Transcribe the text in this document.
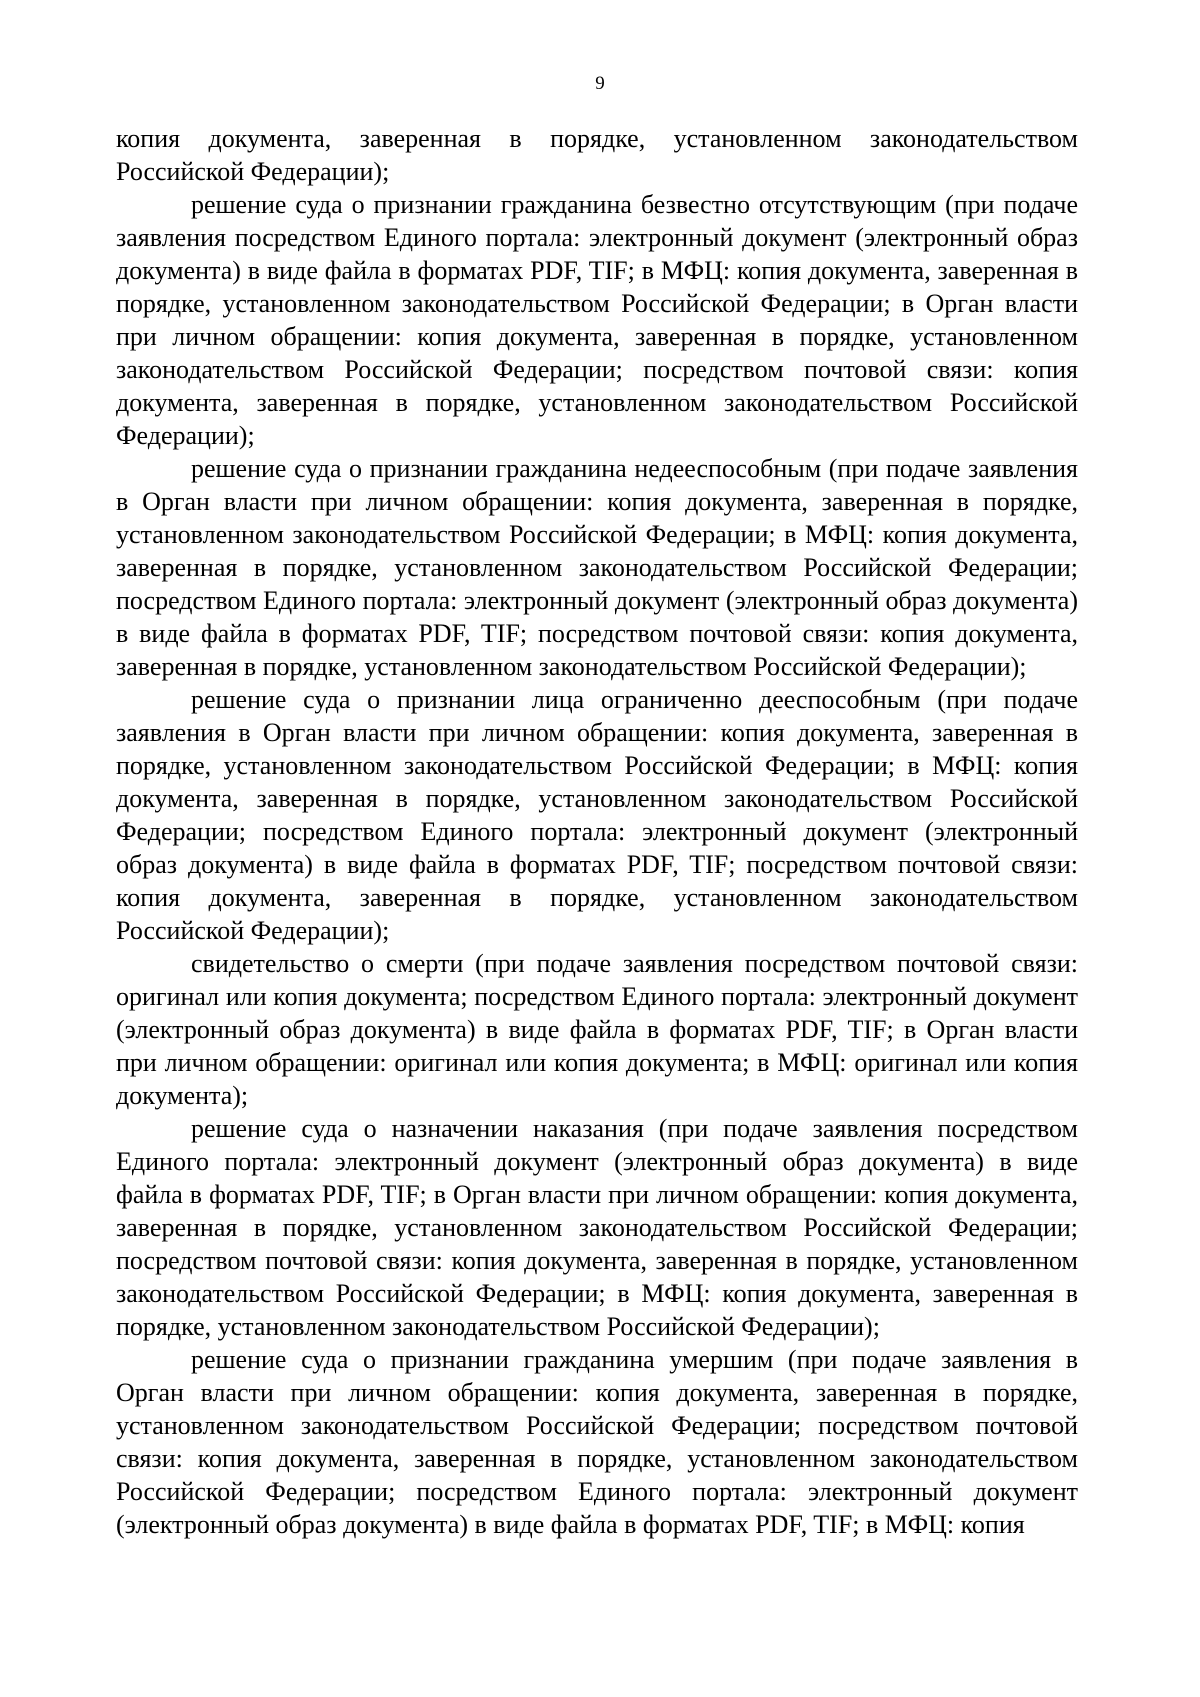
9

копия документа, заверенная в порядке, установленном законодательством Российской Федерации);

решение суда о признании гражданина безвестно отсутствующим (при подаче заявления посредством Единого портала: электронный документ (электронный образ документа) в виде файла в форматах PDF, TIF; в МФЦ: копия документа, заверенная в порядке, установленном законодательством Российской Федерации; в Орган власти при личном обращении: копия документа, заверенная в порядке, установленном законодательством Российской Федерации; посредством почтовой связи: копия документа, заверенная в порядке, установленном законодательством Российской Федерации);

решение суда о признании гражданина недееспособным (при подаче заявления в Орган власти при личном обращении: копия документа, заверенная в порядке, установленном законодательством Российской Федерации; в МФЦ: копия документа, заверенная в порядке, установленном законодательством Российской Федерации; посредством Единого портала: электронный документ (электронный образ документа) в виде файла в форматах PDF, TIF; посредством почтовой связи: копия документа, заверенная в порядке, установленном законодательством Российской Федерации);

решение суда о признании лица ограниченно дееспособным (при подаче заявления в Орган власти при личном обращении: копия документа, заверенная в порядке, установленном законодательством Российской Федерации; в МФЦ: копия документа, заверенная в порядке, установленном законодательством Российской Федерации; посредством Единого портала: электронный документ (электронный образ документа) в виде файла в форматах PDF, TIF; посредством почтовой связи: копия документа, заверенная в порядке, установленном законодательством Российской Федерации);

свидетельство о смерти (при подаче заявления посредством почтовой связи: оригинал или копия документа; посредством Единого портала: электронный документ (электронный образ документа) в виде файла в форматах PDF, TIF; в Орган власти при личном обращении: оригинал или копия документа; в МФЦ: оригинал или копия документа);

решение суда о назначении наказания (при подаче заявления посредством Единого портала: электронный документ (электронный образ документа) в виде файла в форматах PDF, TIF; в Орган власти при личном обращении: копия документа, заверенная в порядке, установленном законодательством Российской Федерации; посредством почтовой связи: копия документа, заверенная в порядке, установленном законодательством Российской Федерации; в МФЦ: копия документа, заверенная в порядке, установленном законодательством Российской Федерации);

решение суда о признании гражданина умершим (при подаче заявления в Орган власти при личном обращении: копия документа, заверенная в порядке, установленном законодательством Российской Федерации; посредством почтовой связи: копия документа, заверенная в порядке, установленном законодательством Российской Федерации; посредством Единого портала: электронный документ (электронный образ документа) в виде файла в форматах PDF, TIF; в МФЦ: копия
